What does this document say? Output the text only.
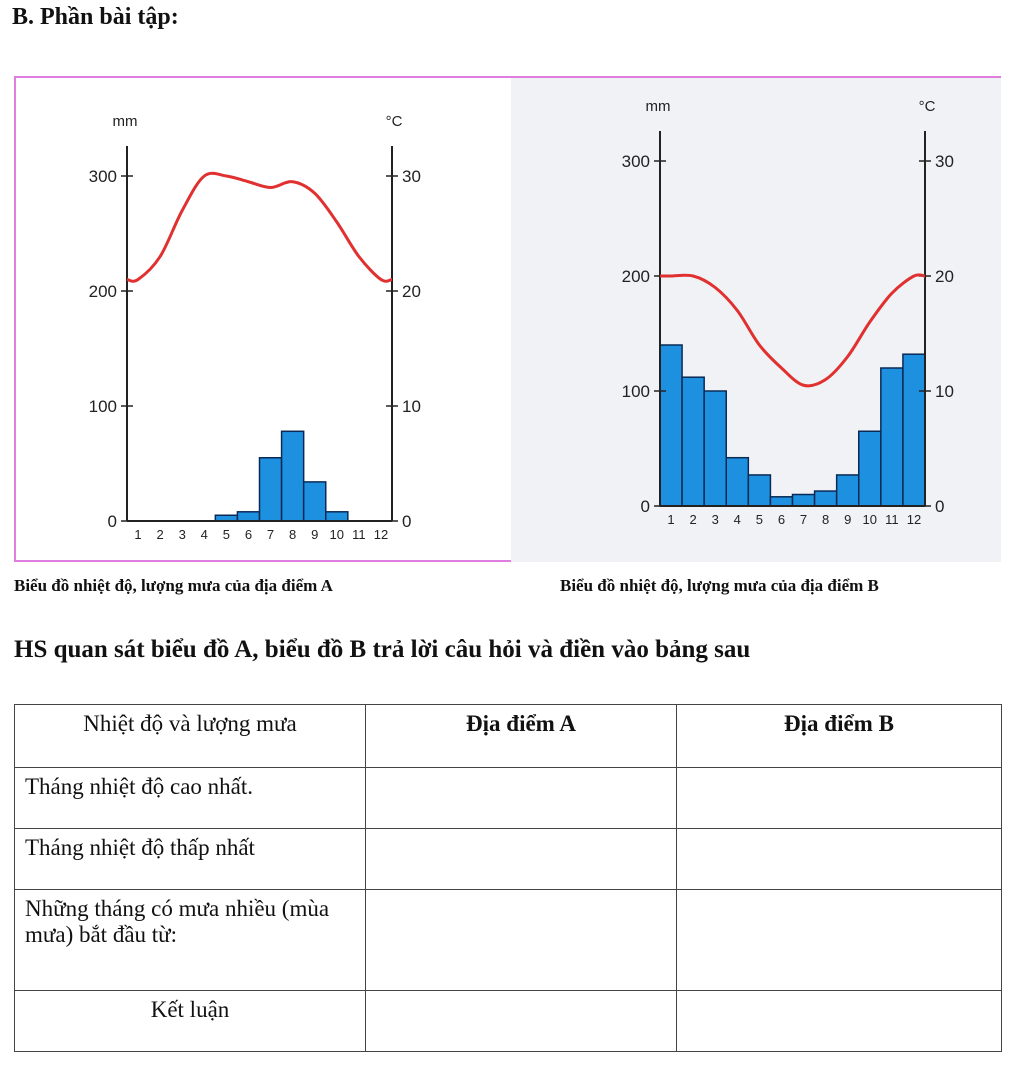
B. Phần bài tập:
0
100
200
300
0
10
20
30
1 2 3 4 5 6 7 8 9 10 11 12
mm	°C
0
100
200
300
0
10
20
30
1 2 3 4 5 6 7 8 9 10 11 12
mm	°C
Biểu đồ nhiệt độ, lượng mưa của địa điểm A	Biểu đồ nhiệt độ, lượng mưa của địa điểm B
HS quan sát biểu đồ A, biểu đồ B trả lời câu hỏi và điền vào bảng sau
Nhiệt độ và lượng mưa	Địa điểm A	Địa điểm B
Tháng nhiệt độ cao nhất.		
Tháng nhiệt độ thấp nhất		
Những tháng có mưa nhiều (mùa mưa) bắt đầu từ:		
Kết luận		
